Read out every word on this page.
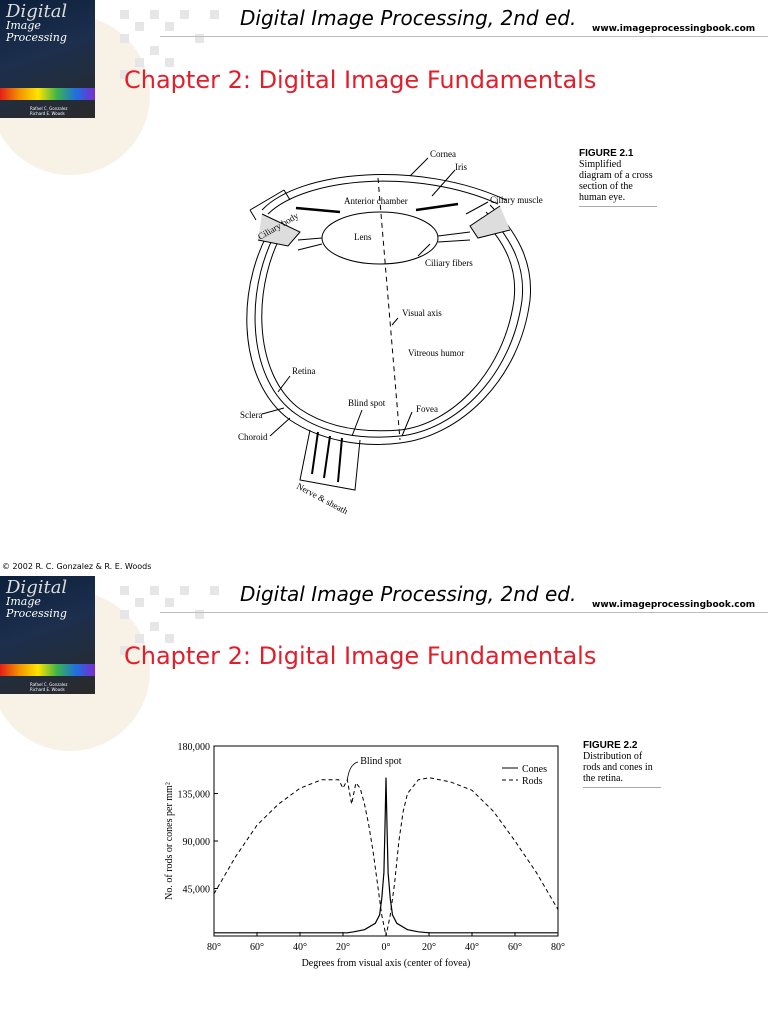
Digital
Image
Processing
Rafael C. Gonzalez
Richard E. Woods
Digital Image Processing, 2nd ed. www.imageprocessingbook.com
Chapter 2: Digital Image Fundamentals
Cornea
Iris
Ciliary body
Anterior chamber	Ciliary muscle
Lens
Ciliary fibers
Visual axis
Vitreous humor
Retina
Blind spot
Sclera
Fovea
Choroid
Nerve & sheath
FIGURE 2.1
Simplified
diagram of a cross
section of the
human eye.
© 2002 R. C. Gonzalez & R. E. Woods
Digital
Image
Processing
Rafael C. Gonzalez
Richard E. Woods
Digital Image Processing, 2nd ed. www.imageprocessingbook.com
Chapter 2: Digital Image Fundamentals
80°	60°	40°	20°	0°	20°	40°	60°	80°
45,000
90,000
135,000
180,000
Cones
Rods
No. of rods or cones per mm²
Degrees from visual axis (center of fovea)
Blind spot
FIGURE 2.2
Distribution of
rods and cones in
the retina.
